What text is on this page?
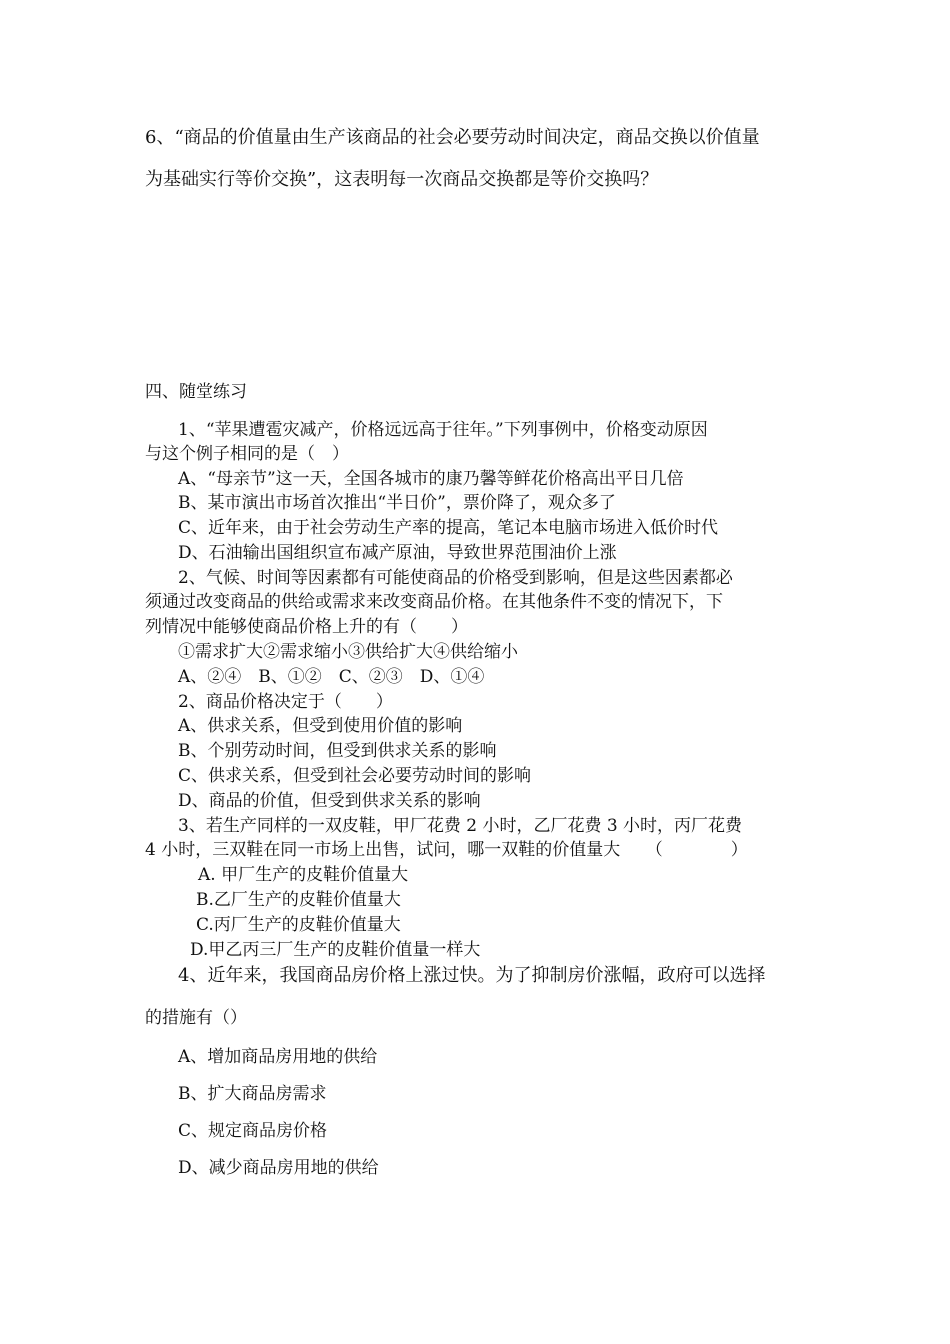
6、“商品的价值量由生产该商品的社会必要劳动时间决定，商品交换以价值量
为基础实行等价交换”，这表明每一次商品交换都是等价交换吗？
四、随堂练习
1、“苹果遭雹灾减产，价格远远高于往年。”下列事例中，价格变动原因
与这个例子相同的是（　）
A、“母亲节”这一天，全国各城市的康乃馨等鲜花价格高出平日几倍
B、某市演出市场首次推出“半日价”，票价降了，观众多了
C、近年来，由于社会劳动生产率的提高，笔记本电脑市场进入低价时代
D、石油输出国组织宣布减产原油，导致世界范围油价上涨
2、气候、时间等因素都有可能使商品的价格受到影响，但是这些因素都必
须通过改变商品的供给或需求来改变商品价格。在其他条件不变的情况下，下
列情况中能够使商品价格上升的有（　　）
①需求扩大②需求缩小③供给扩大④供给缩小
A、②④　B、①②　C、②③　D、①④
2、商品价格决定于（　　）
A、供求关系，但受到使用价值的影响
B、个别劳动时间，但受到供求关系的影响
C、供求关系，但受到社会必要劳动时间的影响
D、商品的价值，但受到供求关系的影响
3、若生产同样的一双皮鞋，甲厂花费 2 小时，乙厂花费 3 小时，丙厂花费
4 小时，三双鞋在同一市场上出售，试问，哪一双鞋的价值量大　　（　　　　）
A. 甲厂生产的皮鞋价值量大
B.乙厂生产的皮鞋价值量大
C.丙厂生产的皮鞋价值量大
D.甲乙丙三厂生产的皮鞋价值量一样大
4、近年来，我国商品房价格上涨过快。为了抑制房价涨幅，政府可以选择
的措施有（）
A、增加商品房用地的供给
B、扩大商品房需求
C、规定商品房价格
D、减少商品房用地的供给
